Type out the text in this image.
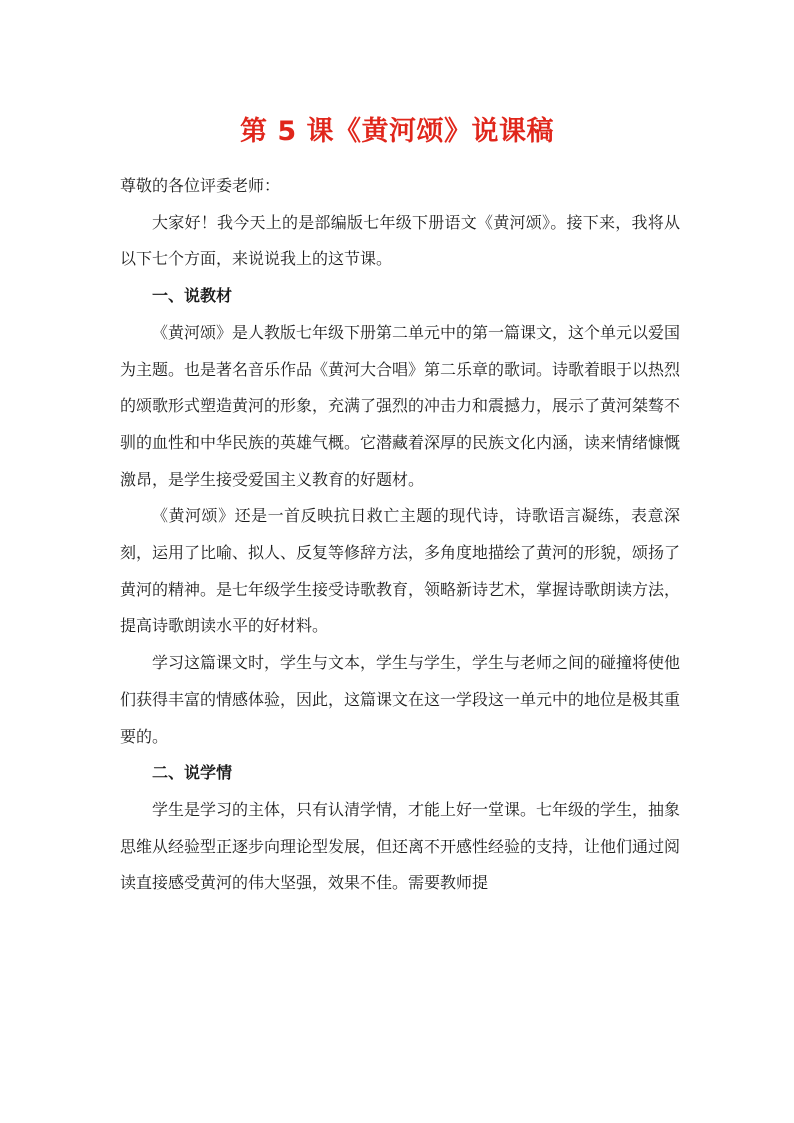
第 5 课《黄河颂》说课稿

尊敬的各位评委老师：

大家好！我今天上的是部编版七年级下册语文《黄河颂》。接下来，我将从以下七个方面，来说说我上的这节课。

一、说教材

《黄河颂》是人教版七年级下册第二单元中的第一篇课文，这个单元以爱国为主题。也是著名音乐作品《黄河大合唱》第二乐章的歌词。诗歌着眼于以热烈的颂歌形式塑造黄河的形象，充满了强烈的冲击力和震撼力，展示了黄河桀骜不驯的血性和中华民族的英雄气概。它潜藏着深厚的民族文化内涵，读来情绪慷慨激昂，是学生接受爱国主义教育的好题材。

《黄河颂》还是一首反映抗日救亡主题的现代诗，诗歌语言凝练，表意深刻，运用了比喻、拟人、反复等修辞方法，多角度地描绘了黄河的形貌，颂扬了黄河的精神。是七年级学生接受诗歌教育，领略新诗艺术，掌握诗歌朗读方法，提高诗歌朗读水平的好材料。

学习这篇课文时，学生与文本，学生与学生，学生与老师之间的碰撞将使他们获得丰富的情感体验，因此，这篇课文在这一学段这一单元中的地位是极其重要的。

二、说学情

学生是学习的主体，只有认清学情，才能上好一堂课。七年级的学生，抽象思维从经验型正逐步向理论型发展，但还离不开感性经验的支持，让他们通过阅读直接感受黄河的伟大坚强，效果不佳。需要教师提
